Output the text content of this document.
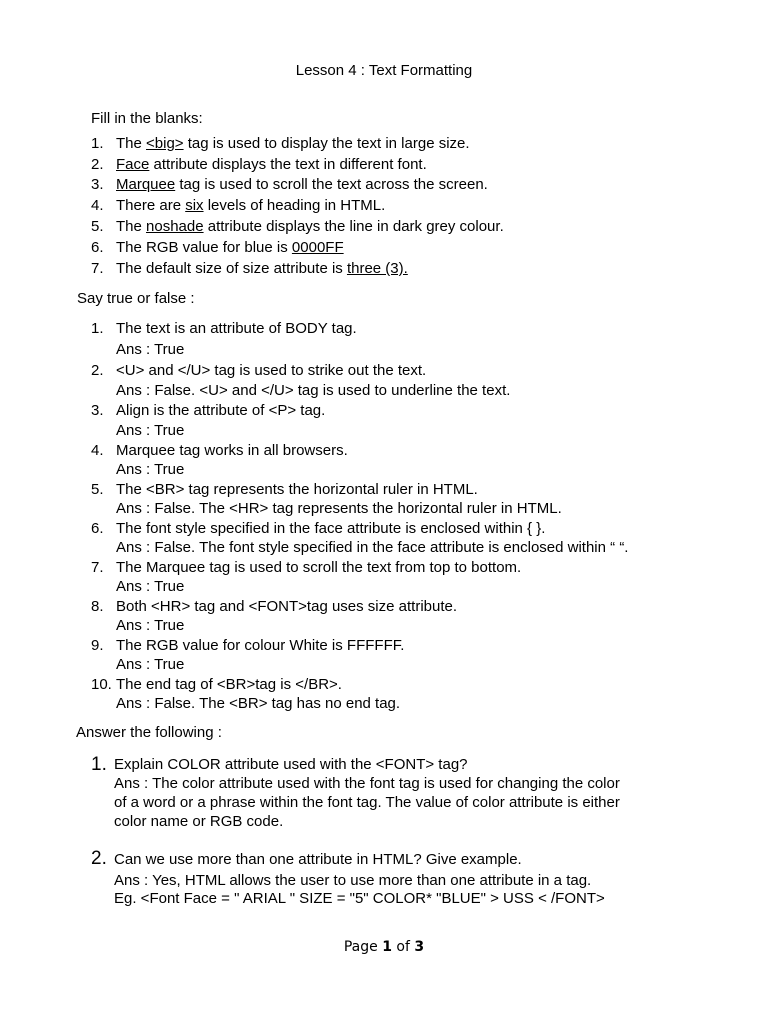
Lesson 4 : Text Formatting
Fill in the blanks:
1. The <big> tag is used to display the text in large size.
2. Face attribute displays the text in different font.
3. Marquee tag is used to scroll the text across the screen.
4. There are six levels of heading in HTML.
5. The noshade attribute displays the line in dark grey colour.
6. The RGB value for blue is 0000FF
7. The default size of size attribute is three (3).
Say true or false :
1. The text is an attribute of BODY tag.
Ans : True
2. <U> and </U> tag is used to strike out the text.
Ans : False. <U> and </U> tag is used to underline the text.
3. Align is the attribute of <P> tag.
Ans : True
4. Marquee tag works in all browsers.
Ans : True
5. The <BR> tag represents the horizontal ruler in HTML.
Ans : False. The <HR> tag represents the horizontal ruler in HTML.
6. The font style specified in the face attribute is enclosed within { }.
Ans : False. The font style specified in the face attribute is enclosed within “ “.
7. The Marquee tag is used to scroll the text from top to bottom.
Ans : True
8. Both <HR> tag and <FONT>tag uses size attribute.
Ans : True
9. The RGB value for colour White is FFFFFF.
Ans : True
10. The end tag of <BR>tag is </BR>.
Ans : False. The <BR> tag has no end tag.
Answer the following :
1. Explain COLOR attribute used with the <FONT> tag?
Ans : The color attribute used with the font tag is used for changing the color
of a word or a phrase within the font tag. The value of color attribute is either
color name or RGB code.
2. Can we use more than one attribute in HTML? Give example.
Ans : Yes, HTML allows the user to use more than one attribute in a tag.
Eg. <Font Face = " ARIAL " SIZE = "5" COLOR* "BLUE" > USS < /FONT>
Page 1 of 3
